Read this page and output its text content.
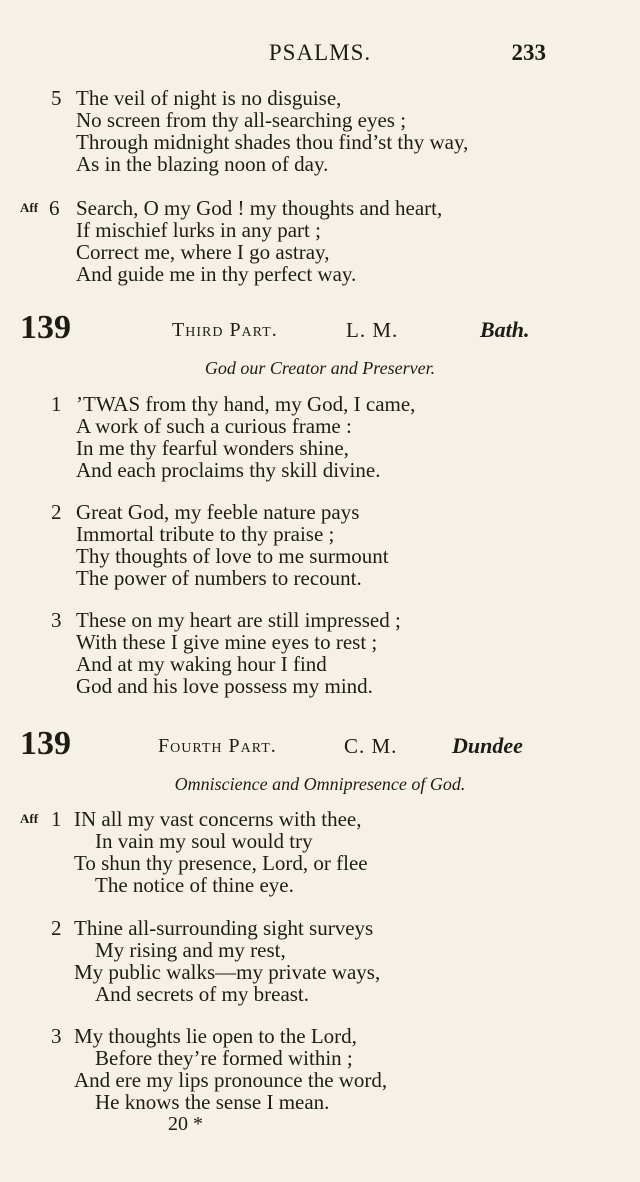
PSALMS.	233
5 The veil of night is no disguise,
No screen from thy all-searching eyes ;
Through midnight shades thou find’st thy way,
As in the blazing noon of day.
Aff 6 Search, O my God ! my thoughts and heart,
If mischief lurks in any part ;
Correct me, where I go astray,
And guide me in thy perfect way.
139	Third Part.	L. M.	Bath.
God our Creator and Preserver.
1 ’TWAS from thy hand, my God, I came,
A work of such a curious frame :
In me thy fearful wonders shine,
And each proclaims thy skill divine.
2 Great God, my feeble nature pays
Immortal tribute to thy praise ;
Thy thoughts of love to me surmount
The power of numbers to recount.
3 These on my heart are still impressed ;
With these I give mine eyes to rest ;
And at my waking hour I find
God and his love possess my mind.
139	Fourth Part.	C. M. Dundee
Omniscience and Omnipresence of God.
Aff 1 IN all my vast concerns with thee,
In vain my soul would try
To shun thy presence, Lord, or flee
The notice of thine eye.
2 Thine all-surrounding sight surveys
My rising and my rest,
My public walks—my private ways,
And secrets of my breast.
3 My thoughts lie open to the Lord,
Before they’re formed within ;
And ere my lips pronounce the word,
He knows the sense I mean.
20 *
